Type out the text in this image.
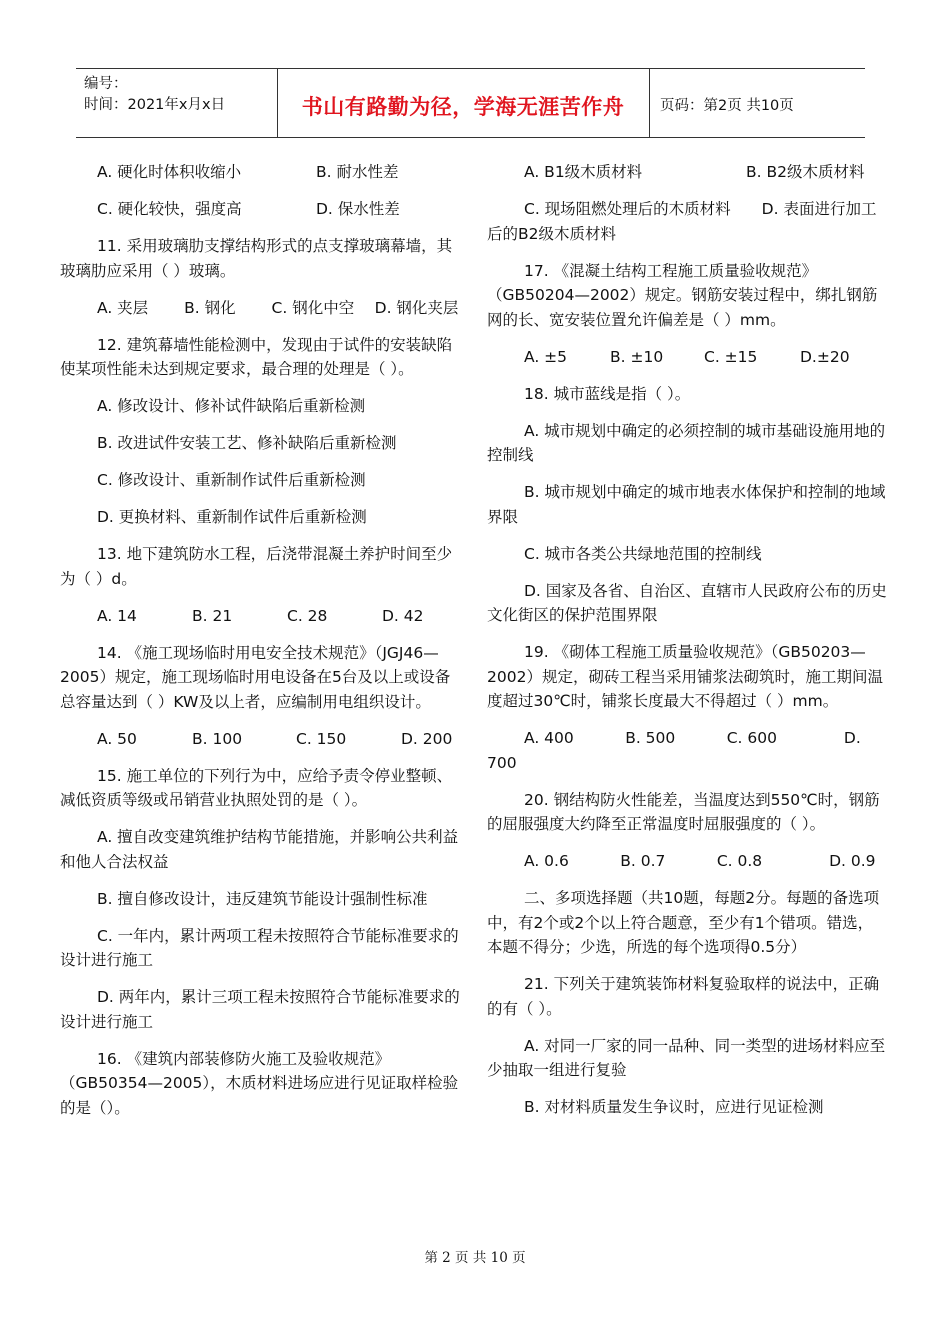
编号：
时间：2021年x月x日	书山有路勤为径，学海无涯苦作舟	页码：第2页 共10页
A. 硬化时体积收缩小	B. 耐水性差
C. 硬化较快，强度高	D. 保水性差

11. 采用玻璃肋支撑结构形式的点支撑玻璃幕墙，其玻璃肋应采用（ ）玻璃。

A. 夹层　　 B. 钢化　　 C. 钢化中空　 D. 钢化夹层

12. 建筑幕墙性能检测中，发现由于试件的安装缺陷使某项性能未达到规定要求，最合理的处理是（ ）。

A. 修改设计、修补试件缺陷后重新检测

B. 改进试件安装工艺、修补缺陷后重新检测

C. 修改设计、重新制作试件后重新检测

D. 更换材料、重新制作试件后重新检测

13. 地下建筑防水工程，后浇带混凝土养护时间至少为（ ）d。

A. 14	B. 21	C. 28	D. 42

14. 《施工现场临时用电安全技术规范》（JGJ46—2005）规定，施工现场临时用电设备在5台及以上或设备总容量达到（ ）KW及以上者，应编制用电组织设计。

A. 50	B. 100	C. 150	D. 200

15. 施工单位的下列行为中，应给予责令停业整顿、减低资质等级或吊销营业执照处罚的是（ ）。

A. 擅自改变建筑维护结构节能措施，并影响公共利益和他人合法权益

B. 擅自修改设计，违反建筑节能设计强制性标准

C. 一年内，累计两项工程未按照符合节能标准要求的设计进行施工

D. 两年内，累计三项工程未按照符合节能标准要求的设计进行施工

16. 《建筑内部装修防火施工及验收规范》（GB50354—2005），木质材料进场应进行见证取样检验的是（）。

A. B1级木质材料	B. B2级木质材料

C. 现场阻燃处理后的木质材料　　D. 表面进行加工后的B2级木质材料

17. 《混凝土结构工程施工质量验收规范》（GB50204—2002）规定。钢筋安装过程中，绑扎钢筋网的长、宽安装位置允许偏差是（ ）mm。

A. ±5	B. ±10	C. ±15	D.±20

18. 城市蓝线是指（ ）。

A. 城市规划中确定的必须控制的城市基础设施用地的控制线

B. 城市规划中确定的城市地表水体保护和控制的地域界限

C. 城市各类公共绿地范围的控制线

D. 国家及各省、自治区、直辖市人民政府公布的历史文化街区的保护范围界限

19. 《砌体工程施工质量验收规范》（GB50203—2002）规定，砌砖工程当采用铺浆法砌筑时，施工期间温度超过30℃时，铺浆长度最大不得超过（ ）mm。

A. 400　　　 B. 500　　　 C. 600　　　　 D. 700

20. 钢结构防火性能差，当温度达到550℃时，钢筋的屈服强度大约降至正常温度时屈服强度的（ ）。

A. 0.6　　　 B. 0.7　　　 C. 0.8　　　　 D. 0.9

二、多项选择题（共10题，每题2分。每题的备选项中，有2个或2个以上符合题意，至少有1个错项。错选，本题不得分；少选，所选的每个选项得0.5分）

21. 下列关于建筑装饰材料复验取样的说法中，正确的有（ ）。

A. 对同一厂家的同一品种、同一类型的进场材料应至少抽取一组进行复验

B. 对材料质量发生争议时，应进行见证检测

第 2 页 共 10 页
